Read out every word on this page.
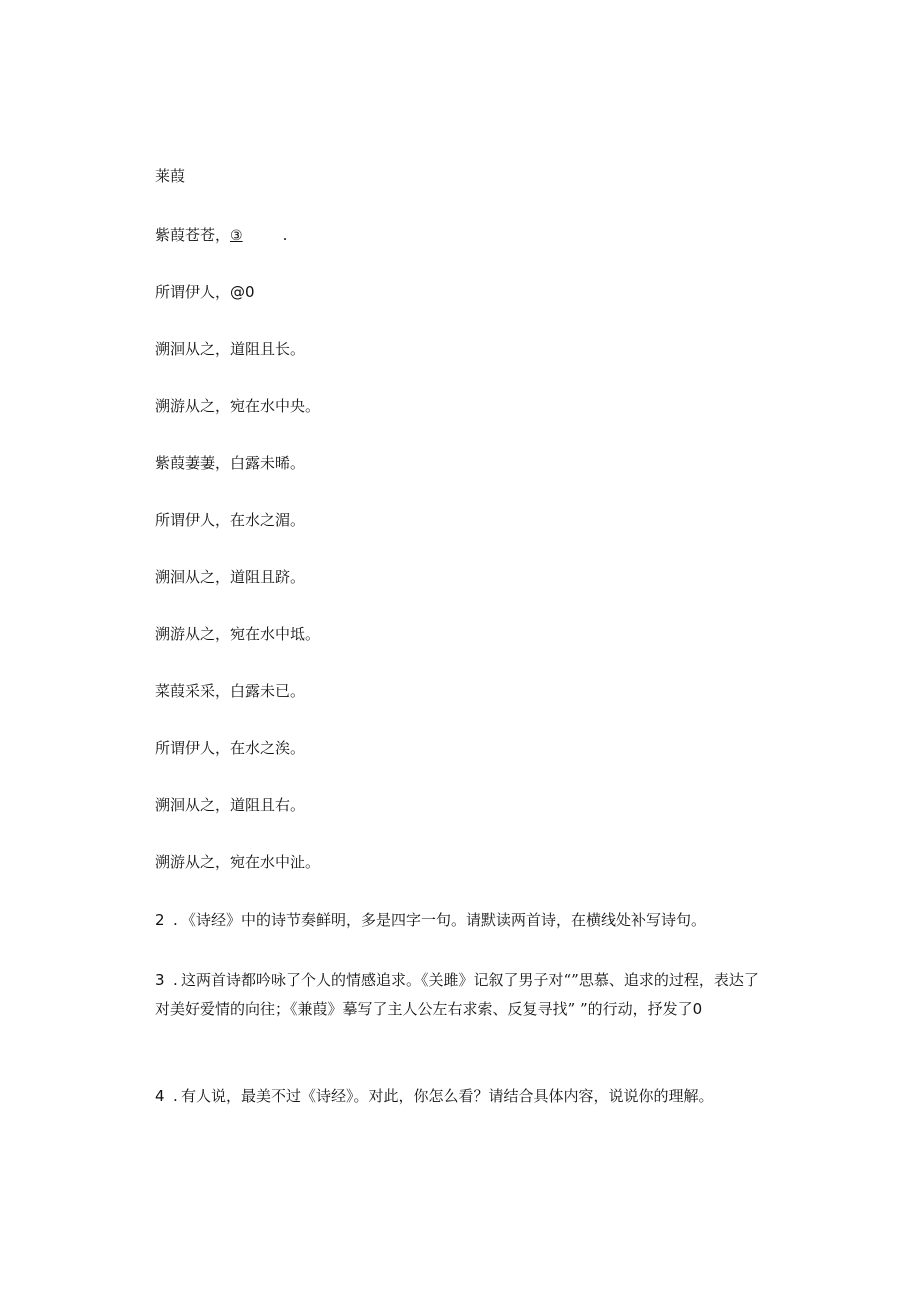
莱葭
紫葭苍苍，③	.
所谓伊人，@0
溯洄从之，道阻且长。
溯游从之，宛在水中央。
紫葭萋萋，白露未晞。
所谓伊人，在水之湄。
溯洄从之，道阻且跻。
溯游从之，宛在水中坻。
菜葭采采，白露未已。
所谓伊人，在水之涘。
溯洄从之，道阻且右。
溯游从之，宛在水中沚。
2 . 《诗经》中的诗节奏鲜明，多是四字一句。请默读两首诗，在横线处补写诗句。
3 . 这两首诗都吟咏了个人的情感追求。《关雎》记叙了男子对“”思慕、追求的过程，表达了对美好爱情的向往；《兼葭》摹写了主人公左右求索、反复寻找” ”的行动，抒发了0
4 . 有人说，最美不过《诗经》。对此，你怎么看？请结合具体内容，说说你的理解。
